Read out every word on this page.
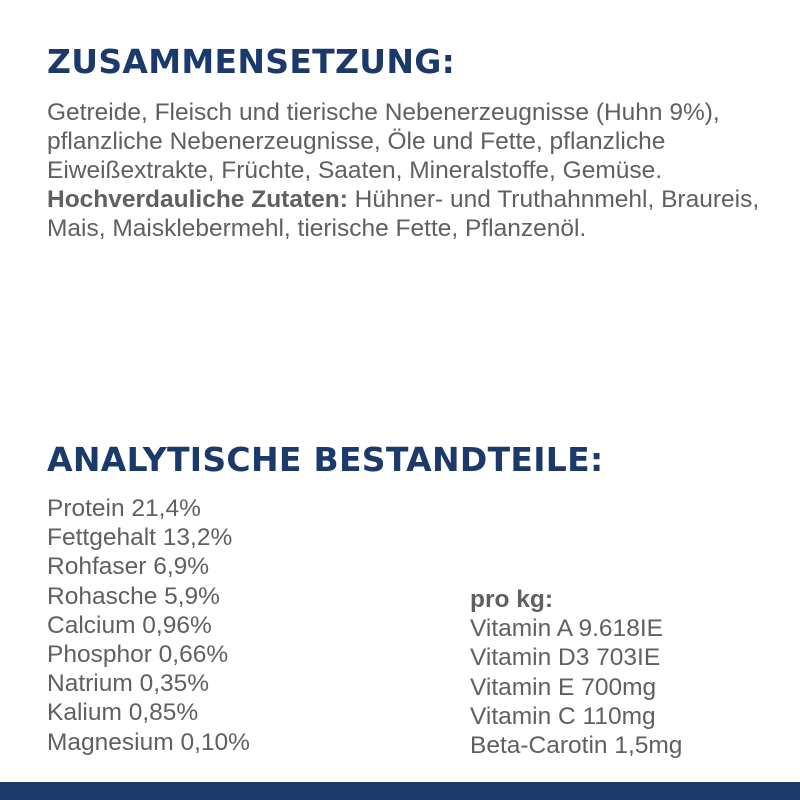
ZUSAMMENSETZUNG:

Getreide, Fleisch und tierische Nebenerzeugnisse (Huhn 9%), pflanzliche Nebenerzeugnisse, Öle und Fette, pflanzliche Eiweißextrakte, Früchte, Saaten, Mineralstoffe, Gemüse.
Hochverdauliche Zutaten: Hühner- und Truthahnmehl, Braureis, Mais, Maisklebermehl, tierische Fette, Pflanzenöl.

ANALYTISCHE BESTANDTEILE:
Protein 21,4%
Fettgehalt 13,2%
Rohfaser 6,9%
Rohasche 5,9%
Calcium 0,96%
Phosphor 0,66%
Natrium 0,35%
Kalium 0,85%
Magnesium 0,10%
pro kg:
Vitamin A 9.618IE
Vitamin D3 703IE
Vitamin E 700mg
Vitamin C 110mg
Beta-Carotin 1,5mg
